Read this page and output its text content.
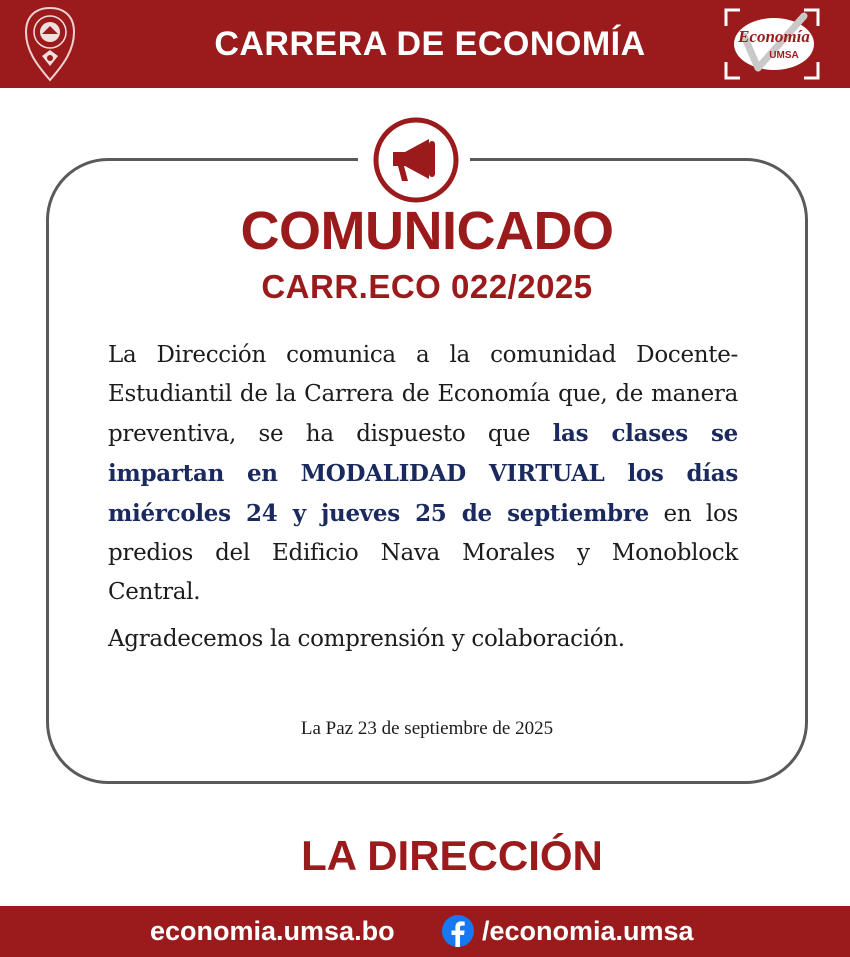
CARRERA DE ECONOMÍA	Economía
UMSA
COMUNICADO
CARR.ECO 022/2025
La Dirección comunica a la comunidad Docente-Estudiantil de la Carrera de Economía que, de manera preventiva, se ha dispuesto que las clases se impartan en MODALIDAD VIRTUAL los días miércoles 24 y jueves 25 de septiembre en los predios del Edificio Nava Morales y Monoblock Central.
Agradecemos la comprensión y colaboración.
La Paz 23 de septiembre de 2025
LA DIRECCIÓN
economia.umsa.bo	/economia.umsa
